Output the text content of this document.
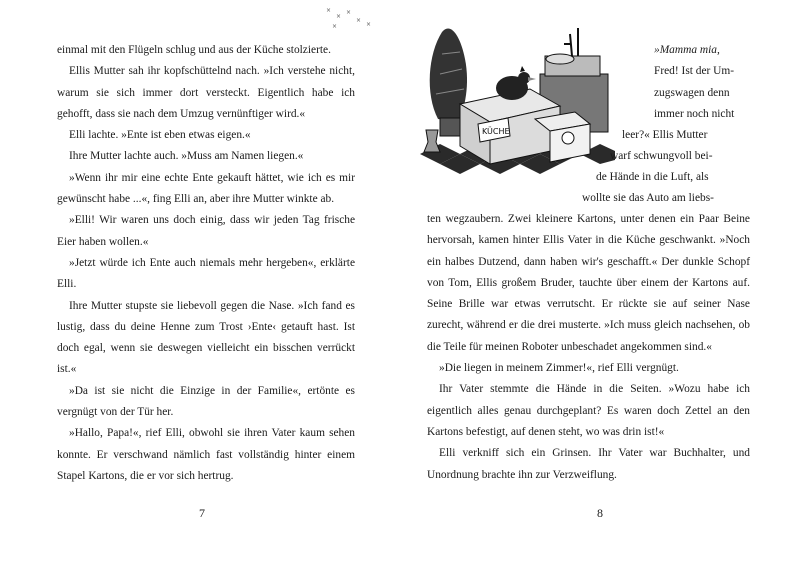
×
×
×
×
×
×

einmal mit den Flügeln schlug und aus der Küche stolzierte.

Ellis Mutter sah ihr kopfschüttelnd nach. »Ich verstehe nicht, warum sie sich immer dort versteckt. Eigentlich habe ich gehofft, dass sie nach dem Umzug vernünftiger wird.«

Elli lachte. »Ente ist eben etwas eigen.«

Ihre Mutter lachte auch. »Muss am Namen liegen.«

»Wenn ihr mir eine echte Ente gekauft hättet, wie ich es mir gewünscht habe ...«, fing Elli an, aber ihre Mutter winkte ab.

»Elli! Wir waren uns doch einig, dass wir jeden Tag frische Eier haben wollen.«

»Jetzt würde ich Ente auch niemals mehr hergeben«, erklärte Elli.

Ihre Mutter stupste sie liebevoll gegen die Nase. »Ich fand es lustig, dass du deine Henne zum Trost ›Ente‹ getauft hast. Ist doch egal, wenn sie deswegen vielleicht ein bisschen verrückt ist.«

»Da ist sie nicht die Einzige in der Familie«, ertönte es vergnügt von der Tür her.

»Hallo, Papa!«, rief Elli, obwohl sie ihren Vater kaum sehen konnte. Er verschwand nämlich fast vollständig hinter einem Stapel Kartons, die er vor sich hertrug.

7
KÜCHE
»Mamma mia,
Fred! Ist der Um-
zugswagen denn
immer noch nicht
leer?« Ellis Mutter
warf schwungvoll bei-
de Hände in die Luft, als
wollte sie das Auto am liebs-

ten wegzaubern. Zwei kleinere Kartons, unter denen ein Paar Beine hervorsah, kamen hinter Ellis Vater in die Küche geschwankt. »Noch ein halbes Dutzend, dann haben wir's geschafft.« Der dunkle Schopf von Tom, Ellis großem Bruder, tauchte über einem der Kartons auf. Seine Brille war etwas verrutscht. Er rückte sie auf seiner Nase zurecht, während er die drei musterte. »Ich muss gleich nachsehen, ob die Teile für meinen Roboter unbeschadet angekommen sind.«

»Die liegen in meinem Zimmer!«, rief Elli vergnügt.

Ihr Vater stemmte die Hände in die Seiten. »Wozu habe ich eigentlich alles genau durchgeplant? Es waren doch Zettel an den Kartons befestigt, auf denen steht, wo was drin ist!«

Elli verkniff sich ein Grinsen. Ihr Vater war Buchhalter, und Unordnung brachte ihn zur Verzweiflung.

8
